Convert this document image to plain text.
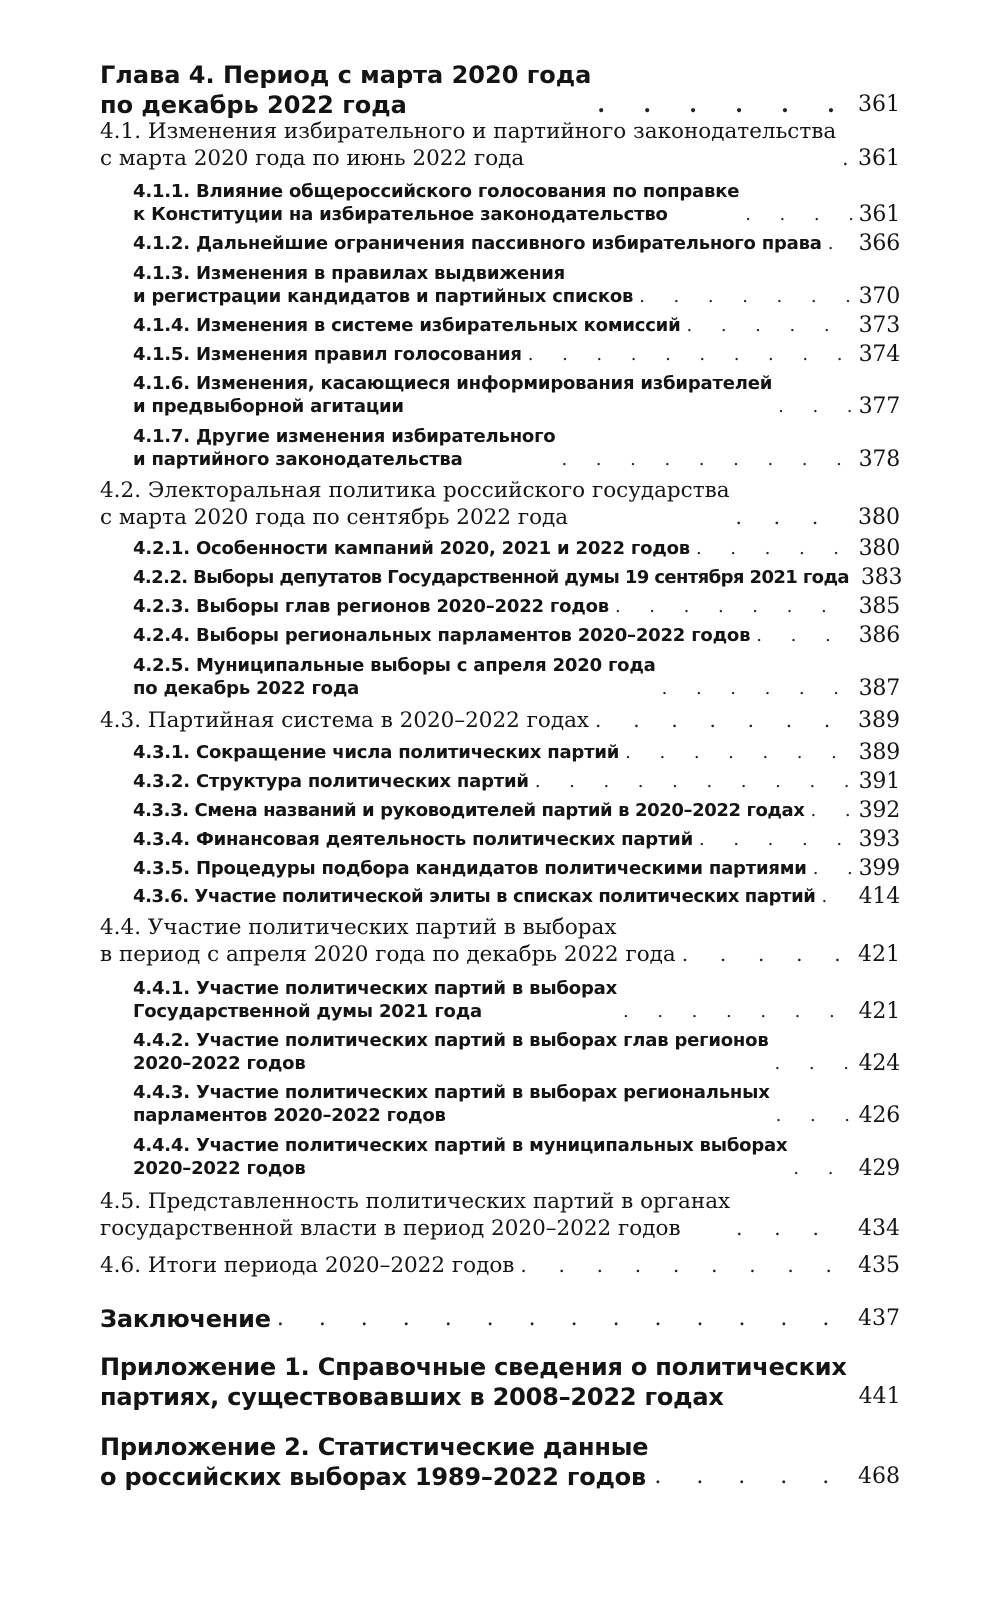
Глава 4. Период с марта 2020 года
по декабрь 2022 года .	361
4.1. Изменения избирательного и партийного законодательства
с марта 2020 года по июнь 2022 года .	361
4.1.1. Влияние общероссийского голосования по поправке
к Конституции на избирательное законодательство .	361
4.1.2. Дальнейшие ограничения пассивного избирательного права . 366
4.1.3. Изменения в правилах выдвижения
и регистрации кандидатов и партийных списков .	370
4.1.4. Изменения в системе избирательных комиссий .	373
4.1.5. Изменения правил голосования .	374
4.1.6. Изменения, касающиеся информирования избирателей
и предвыборной агитации .	377
4.1.7. Другие изменения избирательного
и партийного законодательства .	378
4.2. Электоральная политика российского государства
с марта 2020 года по сентябрь 2022 года .	380
4.2.1. Особенности кампаний 2020, 2021 и 2022 годов .	380
4.2.2. Выборы депутатов Государственной думы 19 сентября 2021 года 383
4.2.3. Выборы глав регионов 2020–2022 годов .	385
4.2.4. Выборы региональных парламентов 2020–2022 годов .	386
4.2.5. Муниципальные выборы с апреля 2020 года
по декабрь 2022 года .	387
4.3. Партийная система в 2020–2022 годах .	389
4.3.1. Сокращение числа политических партий .	389
4.3.2. Структура политических партий .	391
4.3.3. Смена названий и руководителей партий в 2020–2022 годах . 392
4.3.4. Финансовая деятельность политических партий .	393
4.3.5. Процедуры подбора кандидатов политическими партиями . 399
4.3.6. Участие политической элиты в списках политических партий . 414
4.4. Участие политических партий в выборах
в период с апреля 2020 года по декабрь 2022 года .	421
4.4.1. Участие политических партий в выборах
Государственной думы 2021 года .	421
4.4.2. Участие политических партий в выборах глав регионов
2020–2022 годов .	424
4.4.3. Участие политических партий в выборах региональных
парламентов 2020–2022 годов .	426
4.4.4. Участие политических партий в муниципальных выборах
2020–2022 годов .	429
4.5. Представленность политических партий в органах
государственной власти в период 2020–2022 годов .	434
4.6. Итоги периода 2020–2022 годов .	435
Заключение .	437
Приложение 1. Справочные сведения о политических
партиях, существовавших в 2008–2022 годах	441
Приложение 2. Статистические данные
о российских выборах 1989–2022 годов .	468
